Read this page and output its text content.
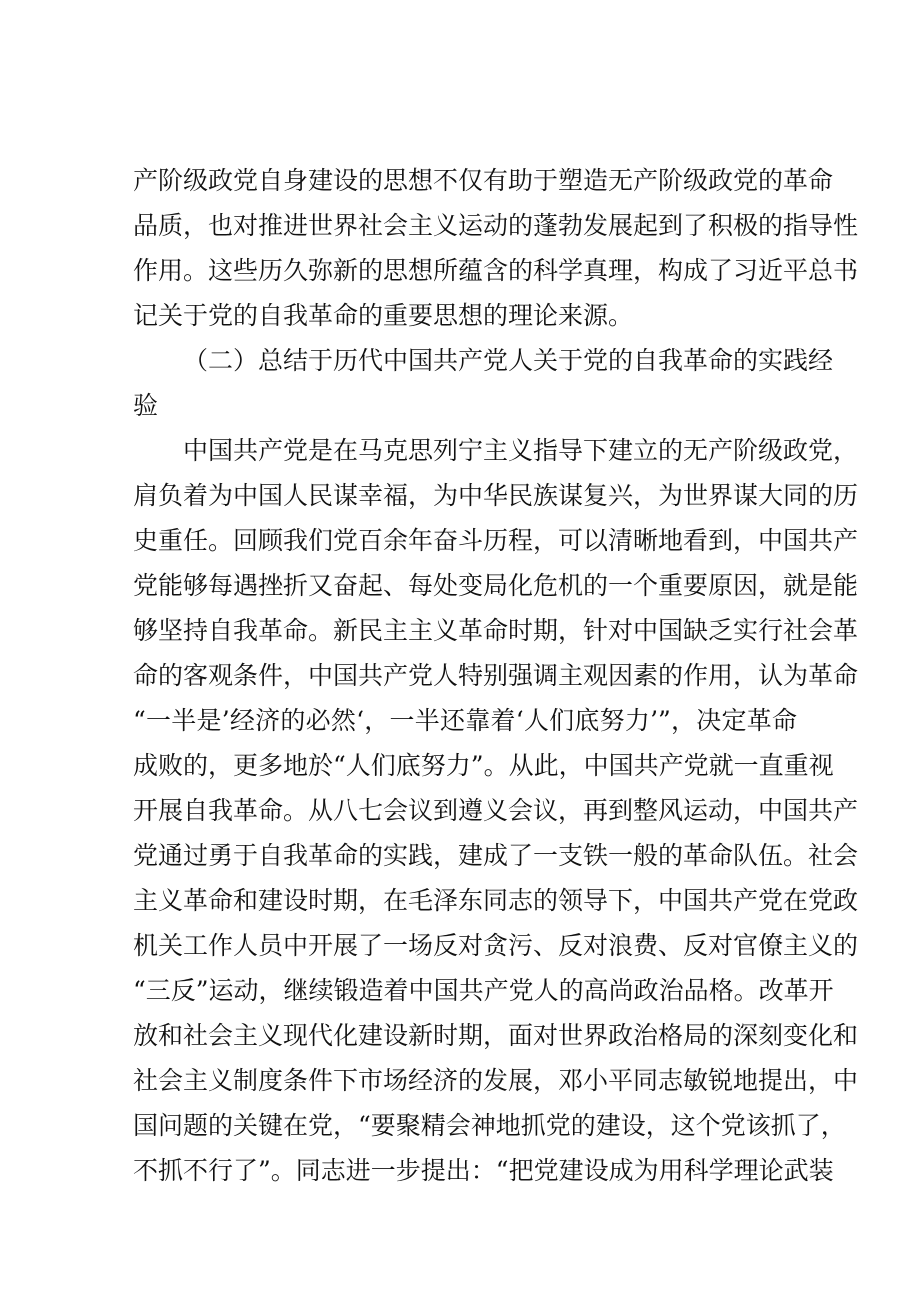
产阶级政党自身建设的思想不仅有助于塑造无产阶级政党的革命
品质，也对推进世界社会主义运动的蓬勃发展起到了积极的指导性
作用。这些历久弥新的思想所蕴含的科学真理，构成了习近平总书
记关于党的自我革命的重要思想的理论来源。
（二）总结于历代中国共产党人关于党的自我革命的实践经
验
中国共产党是在马克思列宁主义指导下建立的无产阶级政党，
肩负着为中国人民谋幸福，为中华民族谋复兴，为世界谋大同的历
史重任。回顾我们党百余年奋斗历程，可以清晰地看到，中国共产
党能够每遇挫折又奋起、每处变局化危机的一个重要原因，就是能
够坚持自我革命。新民主主义革命时期，针对中国缺乏实行社会革
命的客观条件，中国共产党人特别强调主观因素的作用，认为革命
“一半是’经济的必然‘，一半还靠着‘人们底努力’”，决定革命
成败的，更多地於“人们底努力”。从此，中国共产党就一直重视
开展自我革命。从八七会议到遵义会议，再到整风运动，中国共产
党通过勇于自我革命的实践，建成了一支铁一般的革命队伍。社会
主义革命和建设时期，在毛泽东同志的领导下，中国共产党在党政
机关工作人员中开展了一场反对贪污、反对浪费、反对官僚主义的
“三反”运动，继续锻造着中国共产党人的高尚政治品格。改革开
放和社会主义现代化建设新时期，面对世界政治格局的深刻变化和
社会主义制度条件下市场经济的发展，邓小平同志敏锐地提出，中
国问题的关键在党，“要聚精会神地抓党的建设，这个党该抓了，
不抓不行了”。同志进一步提出：“把党建设成为用科学理论武装
